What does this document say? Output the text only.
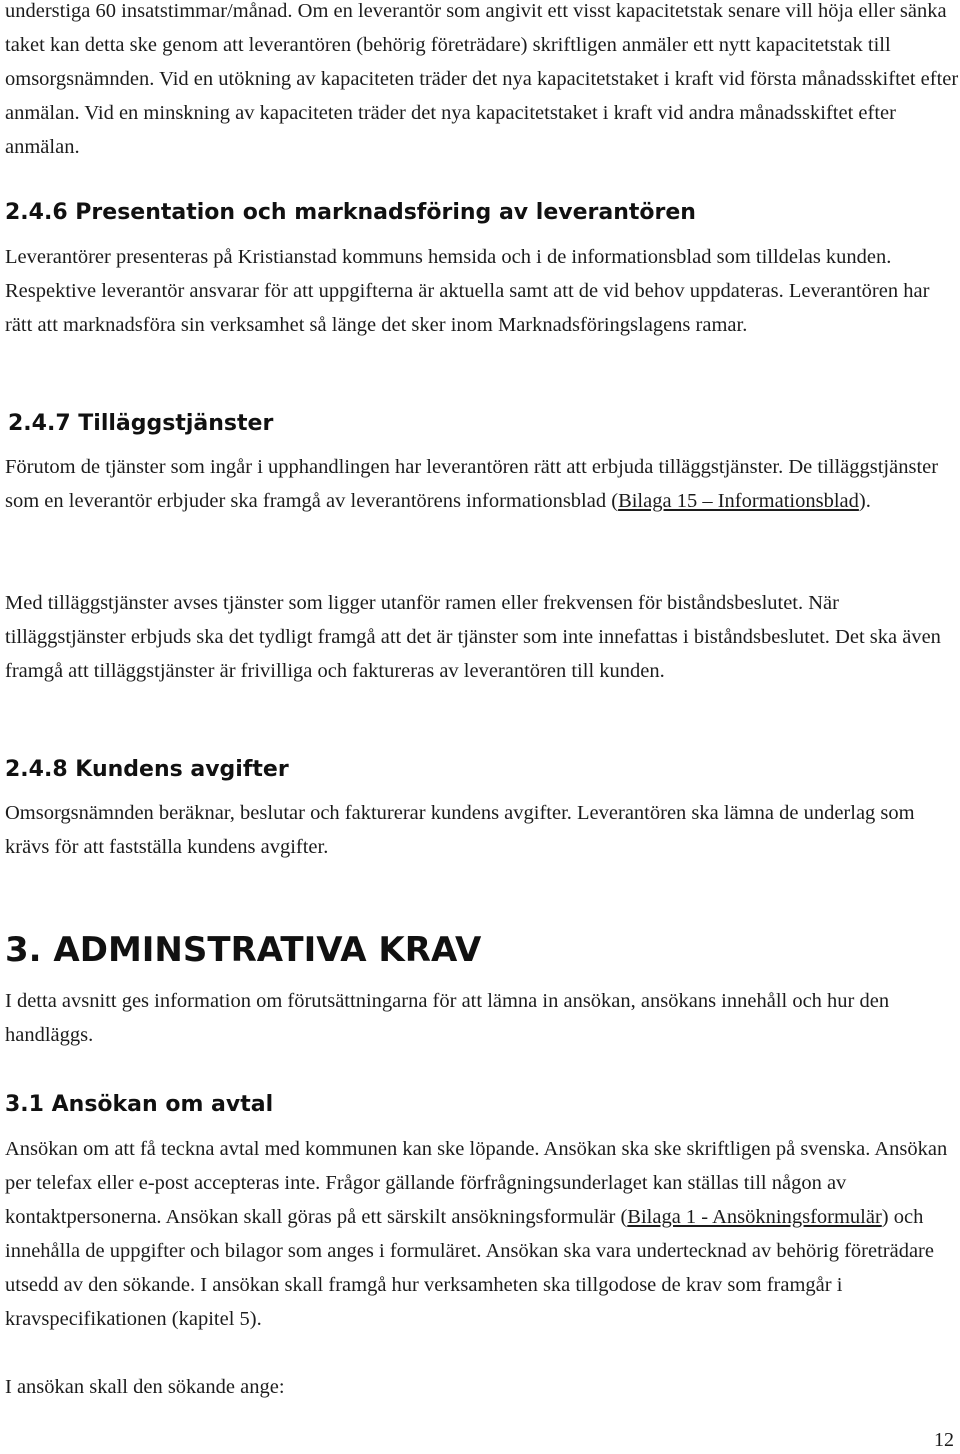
understiga 60 insatstimmar/månad. Om en leverantör som angivit ett visst kapacitetstak senare vill höja eller sänka taket kan detta ske genom att leverantören (behörig företrädare) skriftligen anmäler ett nytt kapacitetstak till omsorgsnämnden. Vid en utökning av kapaciteten träder det nya kapacitetstaket i kraft vid första månadsskiftet efter anmälan. Vid en minskning av kapaciteten träder det nya kapacitetstaket i kraft vid andra månadsskiftet efter anmälan.

2.4.6 Presentation och marknadsföring av leverantören

Leverantörer presenteras på Kristianstad kommuns hemsida och i de informationsblad som tilldelas kunden. Respektive leverantör ansvarar för att uppgifterna är aktuella samt att de vid behov uppdateras. Leverantören har rätt att marknadsföra sin verksamhet så länge det sker inom Marknadsföringslagens ramar.

2.4.7 Tilläggstjänster

Förutom de tjänster som ingår i upphandlingen har leverantören rätt att erbjuda tilläggstjänster. De tilläggstjänster som en leverantör erbjuder ska framgå av leverantörens informationsblad (Bilaga 15 – Informationsblad).

Med tilläggstjänster avses tjänster som ligger utanför ramen eller frekvensen för biståndsbeslutet. När tilläggstjänster erbjuds ska det tydligt framgå att det är tjänster som inte innefattas i biståndsbeslutet. Det ska även framgå att tilläggstjänster är frivilliga och faktureras av leverantören till kunden.

2.4.8 Kundens avgifter

Omsorgsnämnden beräknar, beslutar och fakturerar kundens avgifter. Leverantören ska lämna de underlag som krävs för att fastställa kundens avgifter.

3. ADMINSTRATIVA KRAV

I detta avsnitt ges information om förutsättningarna för att lämna in ansökan, ansökans innehåll och hur den handläggs.

3.1 Ansökan om avtal

Ansökan om att få teckna avtal med kommunen kan ske löpande. Ansökan ska ske skriftligen på svenska. Ansökan per telefax eller e-post accepteras inte. Frågor gällande förfrågningsunderlaget kan ställas till någon av kontaktpersonerna. Ansökan skall göras på ett särskilt ansökningsformulär (Bilaga 1 - Ansökningsformulär) och innehålla de uppgifter och bilagor som anges i formuläret. Ansökan ska vara undertecknad av behörig företrädare utsedd av den sökande. I ansökan skall framgå hur verksamheten ska tillgodose de krav som framgår i kravspecifikationen (kapitel 5).

I ansökan skall den sökande ange:

12
